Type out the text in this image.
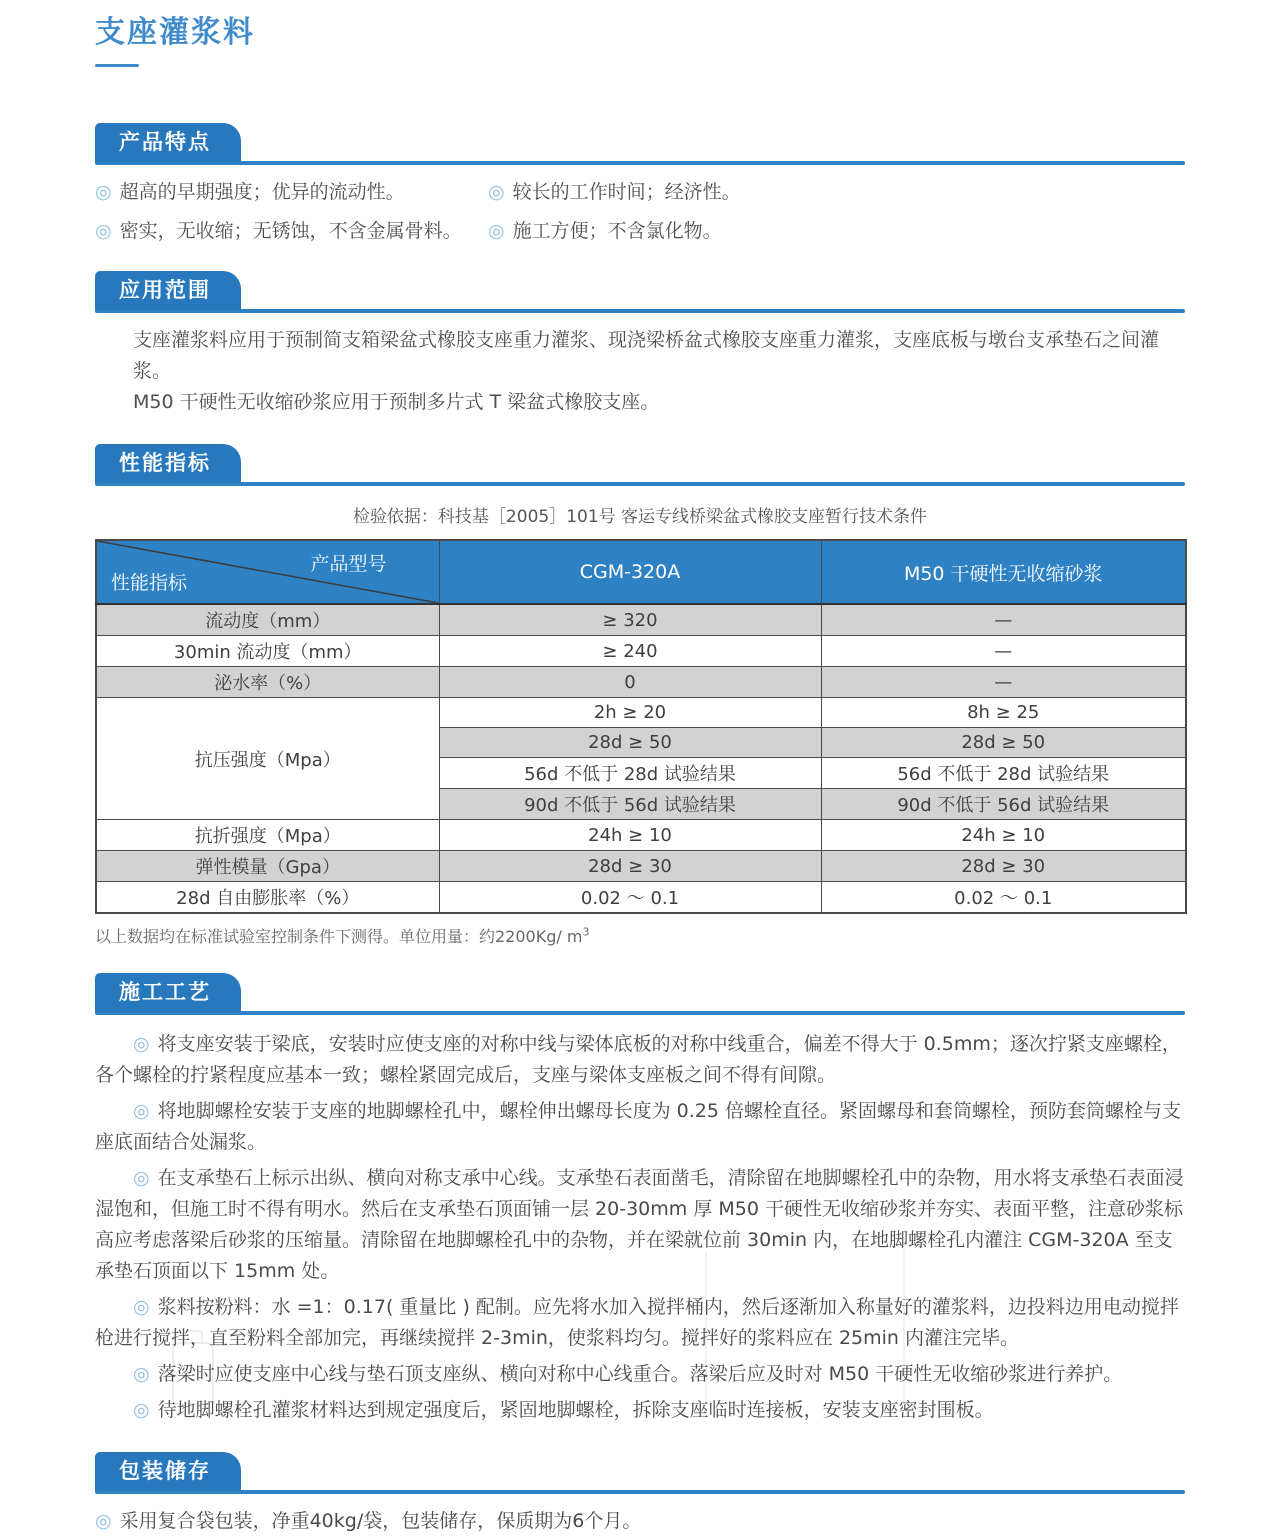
支座灌浆料
产品特点
◎ 超高的早期强度；优异的流动性。	◎ 较长的工作时间；经济性。
◎ 密实，无收缩；无锈蚀，不含金属骨料。	◎ 施工方便；不含氯化物。
应用范围

支座灌浆料应用于预制简支箱梁盆式橡胶支座重力灌浆、现浇梁桥盆式橡胶支座重力灌浆，支座底板与墩台支承垫石之间灌浆。

M50 干硬性无收缩砂浆应用于预制多片式 T 梁盆式橡胶支座。

性能指标

检验依据：科技基［2005］101号 客运专线桥梁盆式橡胶支座暂行技术条件

产品型号
性能指标	CGM-320A	M50 干硬性无收缩砂浆
流动度（mm）	≥ 320	—
30min 流动度（mm）	≥ 240	—
泌水率（%）	0	—
抗压强度（Mpa）	2h ≥ 20	8h ≥ 25
	28d ≥ 50	28d ≥ 50
	56d 不低于 28d 试验结果	56d 不低于 28d 试验结果
	90d 不低于 56d 试验结果	90d 不低于 56d 试验结果
抗折强度（Mpa）	24h ≥ 10	24h ≥ 10
弹性模量（Gpa）	28d ≥ 30	28d ≥ 30
28d 自由膨胀率（%）	0.02 ～ 0.1	0.02 ～ 0.1

以上数据均在标准试验室控制条件下测得。单位用量：约2200Kg/ $m^3$

施工工艺

◎ 将支座安装于梁底，安装时应使支座的对称中线与梁体底板的对称中线重合，偏差不得大于 0.5mm；逐次拧紧支座螺栓，各个螺栓的拧紧程度应基本一致；螺栓紧固完成后，支座与梁体支座板之间不得有间隙。

◎ 将地脚螺栓安装于支座的地脚螺栓孔中，螺栓伸出螺母长度为 0.25 倍螺栓直径。紧固螺母和套筒螺栓，预防套筒螺栓与支座底面结合处漏浆。

◎ 在支承垫石上标示出纵、横向对称支承中心线。支承垫石表面凿毛，清除留在地脚螺栓孔中的杂物，用水将支承垫石表面浸湿饱和，但施工时不得有明水。然后在支承垫石顶面铺一层 20-30mm 厚 M50 干硬性无收缩砂浆并夯实、表面平整，注意砂浆标高应考虑落梁后砂浆的压缩量。清除留在地脚螺栓孔中的杂物，并在梁就位前 30min 内，在地脚螺栓孔内灌注 CGM-320A 至支承垫石顶面以下 15mm 处。

◎ 浆料按粉料：水 =1：0.17( 重量比 ) 配制。应先将水加入搅拌桶内，然后逐渐加入称量好的灌浆料，边投料边用电动搅拌枪进行搅拌，直至粉料全部加完，再继续搅拌 2-3min，使浆料均匀。搅拌好的浆料应在 25min 内灌注完毕。

◎ 落梁时应使支座中心线与垫石顶支座纵、横向对称中心线重合。落梁后应及时对 M50 干硬性无收缩砂浆进行养护。

◎ 待地脚螺栓孔灌浆材料达到规定强度后，紧固地脚螺栓，拆除支座临时连接板，安装支座密封围板。

包装储存

◎ 采用复合袋包装，净重40kg/袋，包装储存，保质期为6个月。
